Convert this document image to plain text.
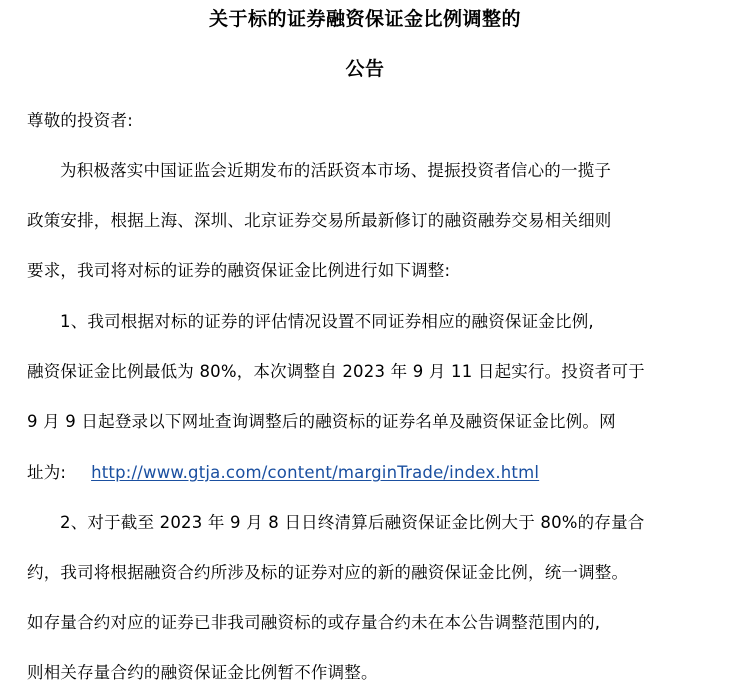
关于标的证券融资保证金比例调整的
公告
尊敬的投资者:
为积极落实中国证监会近期发布的活跃资本市场、提振投资者信心的一揽子
政策安排，根据上海、深圳、北京证券交易所最新修订的融资融券交易相关细则
要求，我司将对标的证券的融资保证金比例进行如下调整:
1、我司根据对标的证券的评估情况设置不同证券相应的融资保证金比例,
融资保证金比例最低为 80%，本次调整自 2023 年 9 月 11 日起实行。投资者可于
9 月 9 日起登录以下网址查询调整后的融资标的证券名单及融资保证金比例。网
址为: http://www.gtja.com/content/marginTrade/index.html
2、对于截至 2023 年 9 月 8 日日终清算后融资保证金比例大于 80%的存量合
约，我司将根据融资合约所涉及标的证券对应的新的融资保证金比例，统一调整。
如存量合约对应的证券已非我司融资标的或存量合约未在本公告调整范围内的,
则相关存量合约的融资保证金比例暂不作调整。
